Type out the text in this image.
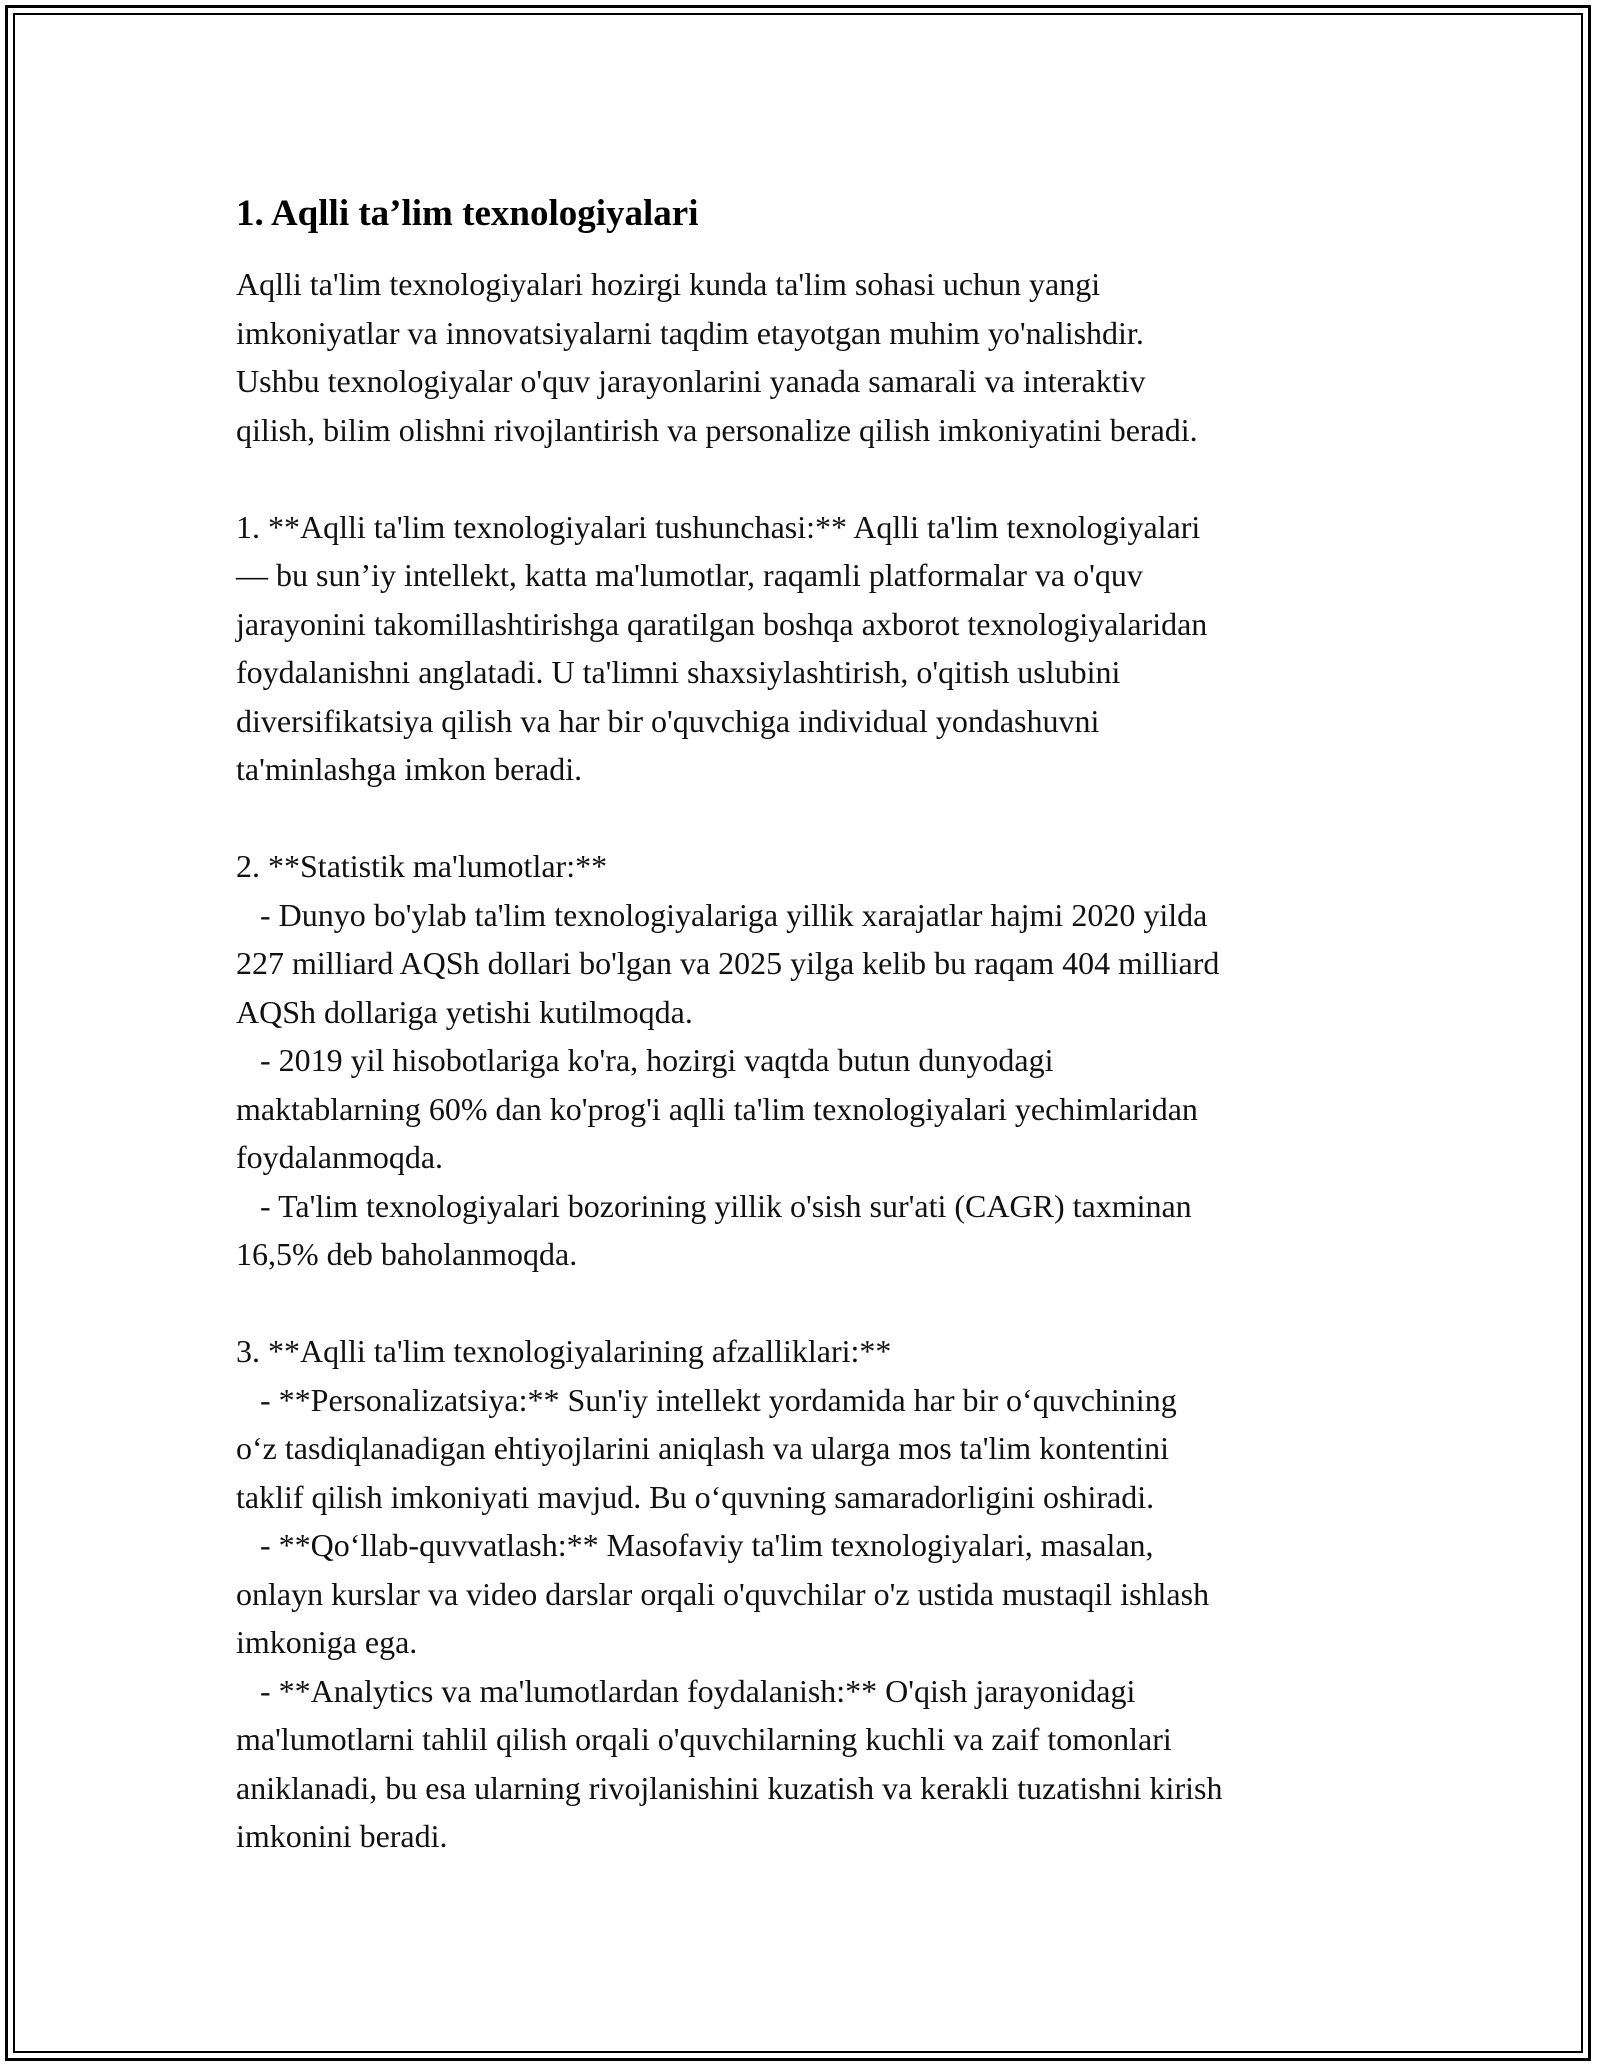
1. Aqlli ta’lim texnologiyalari
Aqlli ta'lim texnologiyalari hozirgi kunda ta'lim sohasi uchun yangi
imkoniyatlar va innovatsiyalarni taqdim etayotgan muhim yo'nalishdir.
Ushbu texnologiyalar o'quv jarayonlarini yanada samarali va interaktiv
qilish, bilim olishni rivojlantirish va personalize qilish imkoniyatini beradi.
1. **Aqlli ta'lim texnologiyalari tushunchasi:** Aqlli ta'lim texnologiyalari
— bu sun’iy intellekt, katta ma'lumotlar, raqamli platformalar va o'quv
jarayonini takomillashtirishga qaratilgan boshqa axborot texnologiyalaridan
foydalanishni anglatadi. U ta'limni shaxsiylashtirish, o'qitish uslubini
diversifikatsiya qilish va har bir o'quvchiga individual yondashuvni
ta'minlashga imkon beradi.
2. **Statistik ma'lumotlar:**
- Dunyo bo'ylab ta'lim texnologiyalariga yillik xarajatlar hajmi 2020 yilda
227 milliard AQSh dollari bo'lgan va 2025 yilga kelib bu raqam 404 milliard
AQSh dollariga yetishi kutilmoqda.
- 2019 yil hisobotlariga ko'ra, hozirgi vaqtda butun dunyodagi
maktablarning 60% dan ko'prog'i aqlli ta'lim texnologiyalari yechimlaridan
foydalanmoqda.
- Ta'lim texnologiyalari bozorining yillik o'sish sur'ati (CAGR) taxminan
16,5% deb baholanmoqda.
3. **Aqlli ta'lim texnologiyalarining afzalliklari:**
- **Personalizatsiya:** Sun'iy intellekt yordamida har bir o‘quvchining
o‘z tasdiqlanadigan ehtiyojlarini aniqlash va ularga mos ta'lim kontentini
taklif qilish imkoniyati mavjud. Bu o‘quvning samaradorligini oshiradi.
- **Qo‘llab-quvvatlash:** Masofaviy ta'lim texnologiyalari, masalan,
onlayn kurslar va video darslar orqali o'quvchilar o'z ustida mustaqil ishlash
imkoniga ega.
- **Analytics va ma'lumotlardan foydalanish:** O'qish jarayonidagi
ma'lumotlarni tahlil qilish orqali o'quvchilarning kuchli va zaif tomonlari
aniklanadi, bu esa ularning rivojlanishini kuzatish va kerakli tuzatishni kirish
imkonini beradi.
